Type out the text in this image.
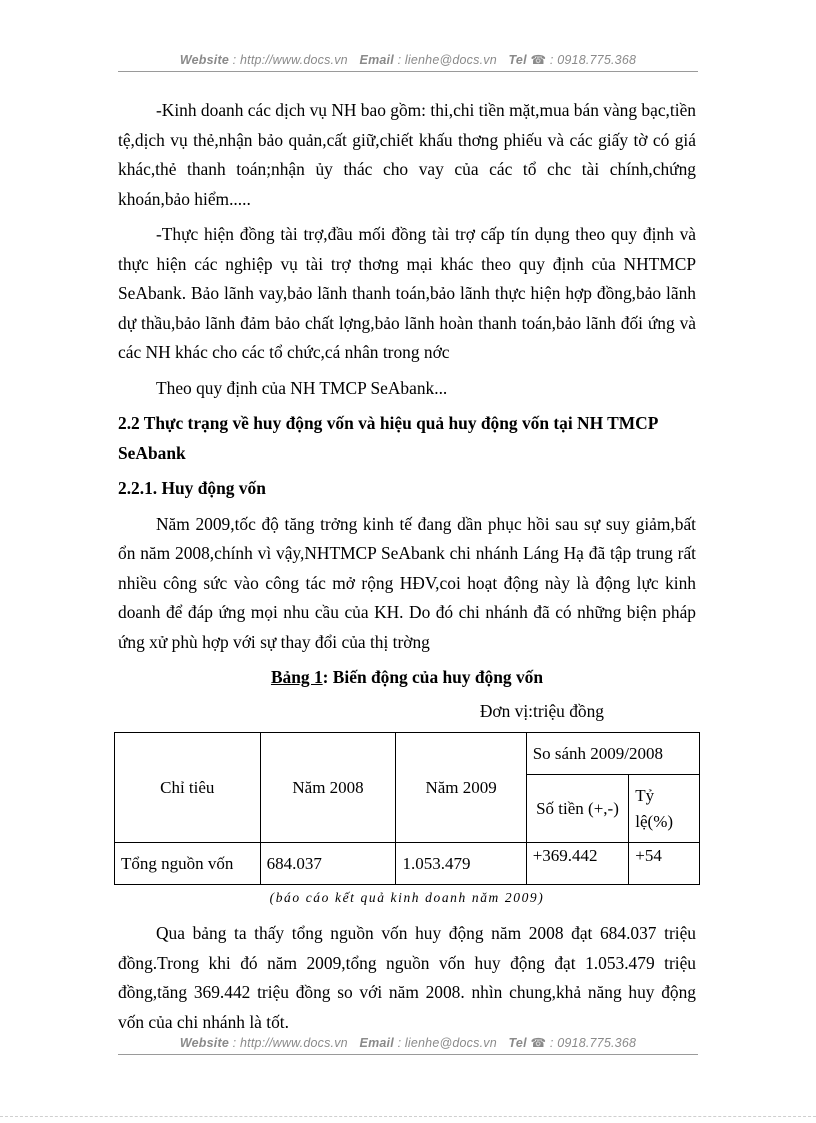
Website : http://www.docs.vn Email : lienhe@docs.vn Tel ☎ : 0918.775.368

-Kinh doanh các dịch vụ NH bao gồm: thi,chi tiền mặt,mua bán vàng bạc,tiền tệ,dịch vụ thẻ,nhận bảo quản,cất giữ,chiết khấu thơng phiếu và các giấy tờ có giá khác,thẻ thanh toán;nhận ủy thác cho vay của các tổ chc tài chính,chứng khoán,bảo hiểm.....

-Thực hiện đồng tài trợ,đầu mối đồng tài trợ cấp tín dụng theo quy định và thực hiện các nghiệp vụ tài trợ thơng mại khác theo quy định của NHTMCP SeAbank. Bảo lãnh vay,bảo lãnh thanh toán,bảo lãnh thực hiện hợp đồng,bảo lãnh dự thầu,bảo lãnh đảm bảo chất lợng,bảo lãnh hoàn thanh toán,bảo lãnh đối ứng và các NH khác cho các tổ chức,cá nhân trong nớc

Theo quy định của NH TMCP SeAbank...

2.2 Thực trạng về huy động vốn và hiệu quả huy động vốn tại NH TMCP SeAbank

2.2.1. Huy động vốn

Năm 2009,tốc độ tăng trởng kinh tế đang dần phục hồi sau sự suy giảm,bất ổn năm 2008,chính vì vậy,NHTMCP SeAbank chi nhánh Láng Hạ đã tập trung rất nhiều công sức vào công tác mở rộng HĐV,coi hoạt động này là động lực kinh doanh để đáp ứng mọi nhu cầu của KH. Do đó chi nhánh đã có những biện pháp ứng xử phù hợp với sự thay đổi của thị trờng

Bảng 1: Biến động của huy động vốn

Đơn vị:triệu đồng

Chỉ tiêu	Năm 2008	Năm 2009	So sánh 2009/2008	
			Số tiền (+,-)	Tỷ lệ(%)
Tổng nguồn vốn	684.037	1.053.479	+369.442	+54

(báo cáo kết quả kinh doanh năm 2009)

Qua bảng ta thấy tổng nguồn vốn huy động năm 2008 đạt 684.037 triệu đồng.Trong khi đó năm 2009,tổng nguồn vốn huy động đạt 1.053.479 triệu đồng,tăng 369.442 triệu đồng so với năm 2008. nhìn chung,khả năng huy động vốn của chi nhánh là tốt.

Website : http://www.docs.vn Email : lienhe@docs.vn Tel ☎ : 0918.775.368
